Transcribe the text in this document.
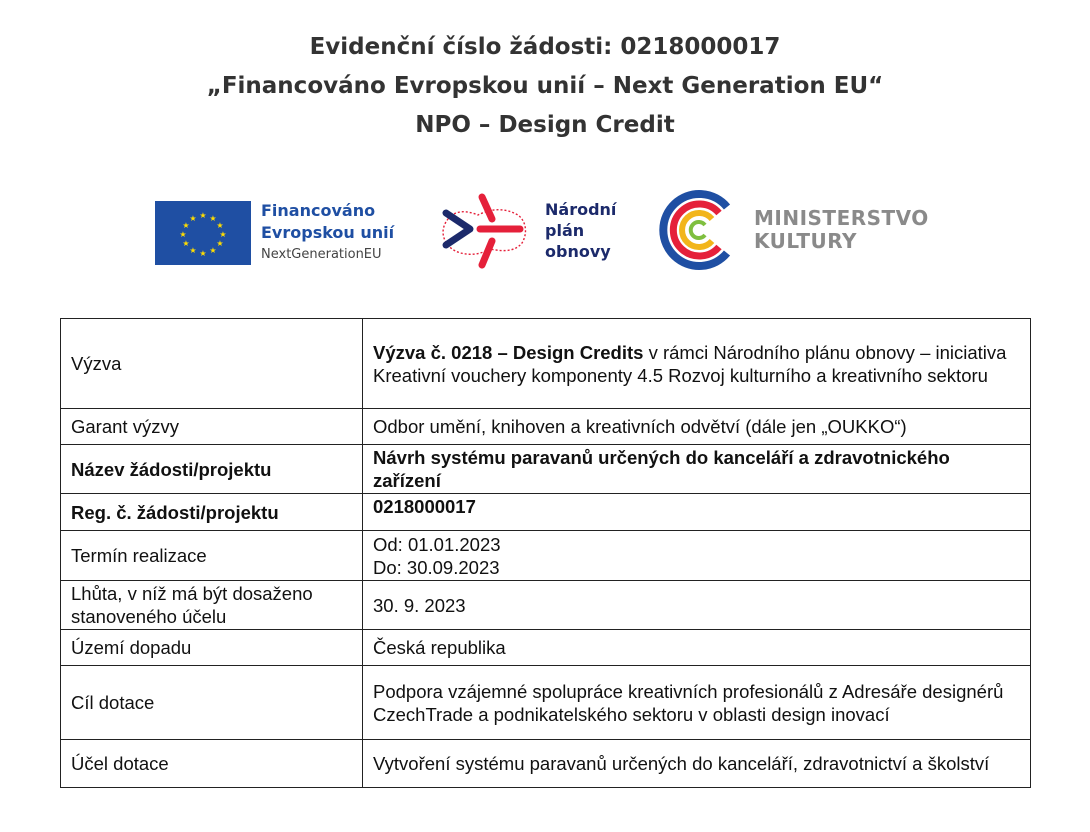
Evidenční číslo žádosti: 0218000017
„Financováno Evropskou unií – Next Generation EU“
NPO – Design Credit
★ ★
★
★
★
★
★
★
★
★
★
★	Financováno
Evropskou unií
NextGenerationEU
Národní
plán
obnovy
MINISTERSTVO
KULTURY
Výzva	Výzva č. 0218 – Design Credits v rámci Národního plánu obnovy – iniciativa Kreativní vouchery komponenty 4.5 Rozvoj kulturního a kreativního sektoru
Garant výzvy	Odbor umění, knihoven a kreativních odvětví (dále jen „OUKKO“)
Název žádosti/projektu	Návrh systému paravanů určených do kanceláří a zdravotnického zařízení
Reg. č. žádosti/projektu	0218000017
Termín realizace	Od: 01.01.2023
Do: 30.09.2023

Lhůta, v níž má být dosaženo stanoveného účelu	30. 9. 2023
Území dopadu	Česká republika
Cíl dotace	Podpora vzájemné spolupráce kreativních profesionálů z Adresáře designérů CzechTrade a podnikatelského sektoru v oblasti design inovací
Účel dotace	Vytvoření systému paravanů určených do kanceláří, zdravotnictví a školství
